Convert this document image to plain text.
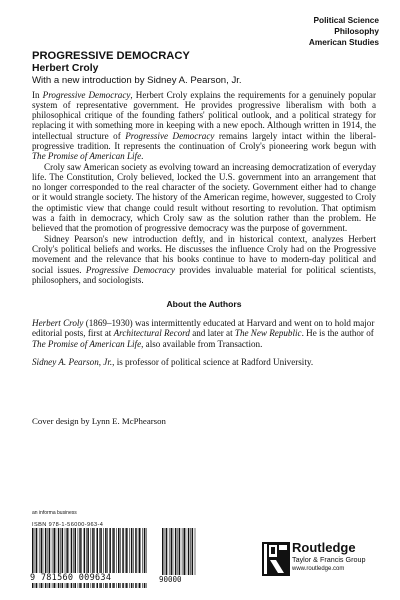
Political Science
Philosophy
American Studies
PROGRESSIVE DEMOCRACY
Herbert Croly
With a new introduction by Sidney A. Pearson, Jr.

In Progressive Democracy, Herbert Croly explains the requirements for a genuinely popular system of representative government. He provides progressive liberalism with both a philosophical critique of the founding fathers' political outlook, and a political strategy for replacing it with something more in keeping with a new epoch. Although written in 1914, the intellectual structure of Progressive Democracy remains largely intact within the liberal-progressive tradition. It represents the continuation of Croly's pioneering work begun with The Promise of American Life.

Croly saw American society as evolving toward an increasing democratization of everyday life. The Constitution, Croly believed, locked the U.S. government into an arrangement that no longer corresponded to the real character of the society. Government either had to change or it would strangle society. The history of the American regime, however, suggested to Croly the optimistic view that change could result without resorting to revolution. That optimism was a faith in democracy, which Croly saw as the solution rather than the problem. He believed that the promotion of progressive democracy was the purpose of government.

Sidney Pearson's new introduction deftly, and in historical context, analyzes Herbert Croly's political beliefs and works. He discusses the influence Croly had on the Progressive movement and the relevance that his books continue to have to modern-day political and social issues. Progressive Democracy provides invaluable material for political scientists, philosophers, and sociologists.

About the Authors

Herbert Croly (1869–1930) was intermittently educated at Harvard and went on to hold major editorial posts, first at Architectural Record and later at The New Republic. He is the author of The Promise of American Life, also available from Transaction.

Sidney A. Pearson, Jr., is professor of political science at Radford University.

Cover design by Lynn E. McPhearson
an informa business
ISBN 978-1-56000-963-4
9 781560 009634	90000
Routledge
Taylor & Francis Group
www.routledge.com
